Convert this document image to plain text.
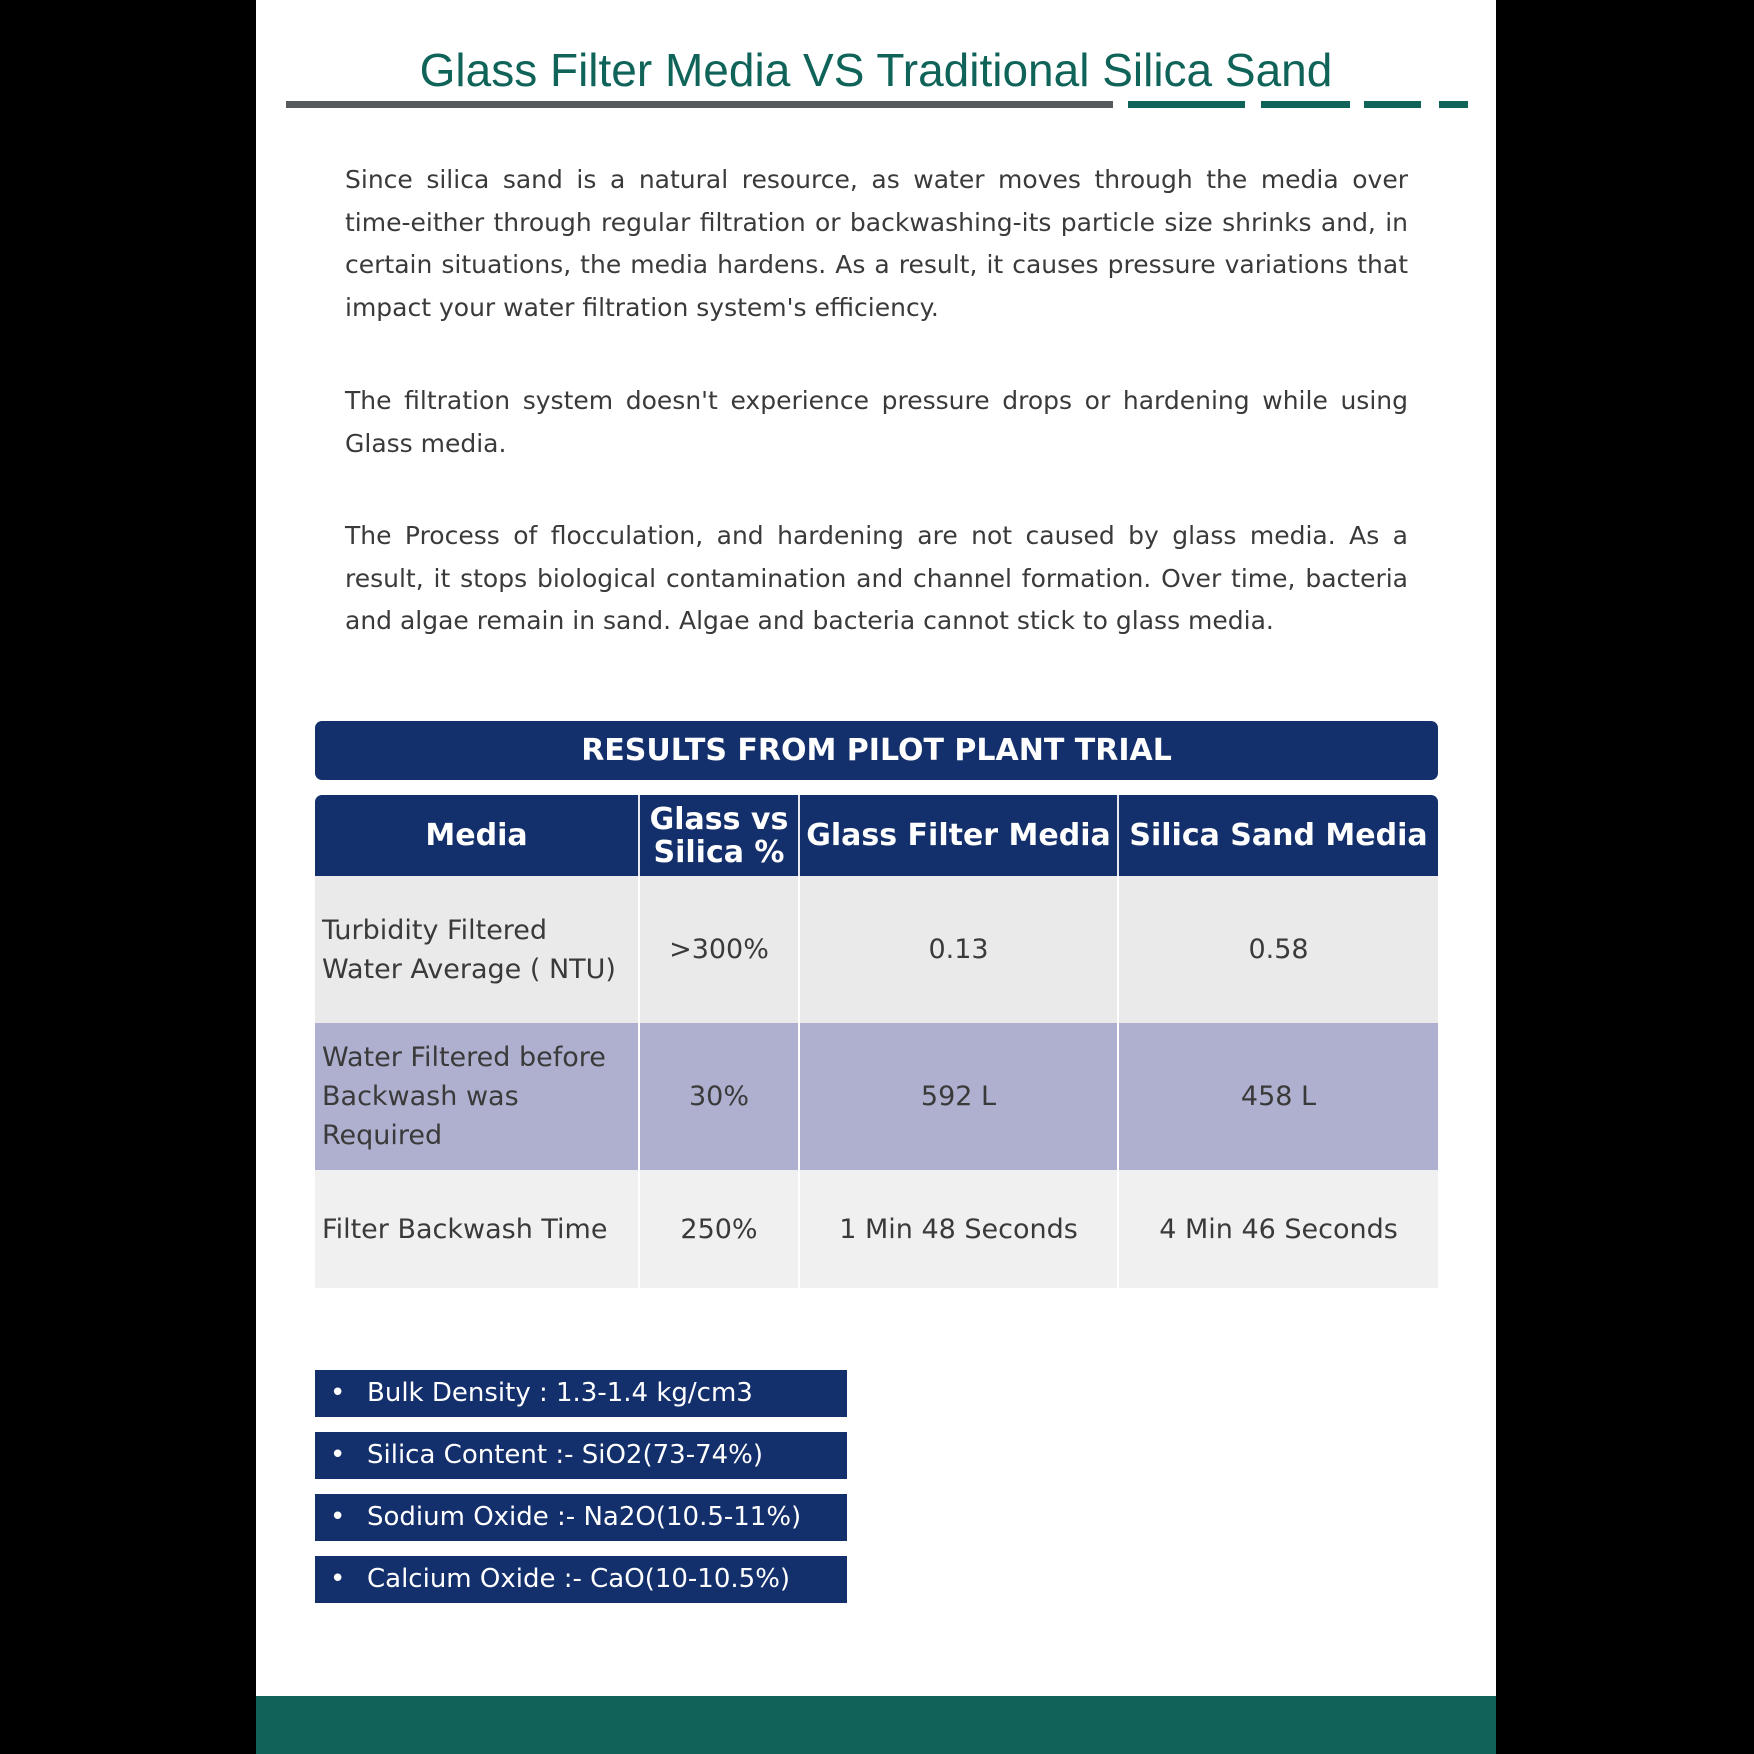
Glass Filter Media VS Traditional Silica Sand

Since silica sand is a natural resource, as water moves through the media over time-either through regular filtration or backwashing-its particle size shrinks and, in certain situations, the media hardens. As a result, it causes pressure variations that impact your water filtration system's efficiency.

The filtration system doesn't experience pressure drops or hardening while using Glass media.

The Process of flocculation, and hardening are not caused by glass media. As a result, it stops biological contamination and channel formation. Over time, bacteria and algae remain in sand. Algae and bacteria cannot stick to glass media.

RESULTS FROM PILOT PLANT TRIAL
Media	Glass vs Silica %	Glass Filter Media	Silica Sand Media
Turbidity Filtered Water Average ( NTU)	>300%	0.13	0.58
Water Filtered before Backwash was Required	30%	592 L	458 L
Filter Backwash Time	250%	1 Min 48 Seconds	4 Min 46 Seconds
• Bulk Density : 1.3-1.4 kg/cm3
• Silica Content :- SiO2(73-74%)
• Sodium Oxide :- Na2O(10.5-11%)
• Calcium Oxide :- CaO(10-10.5%)
